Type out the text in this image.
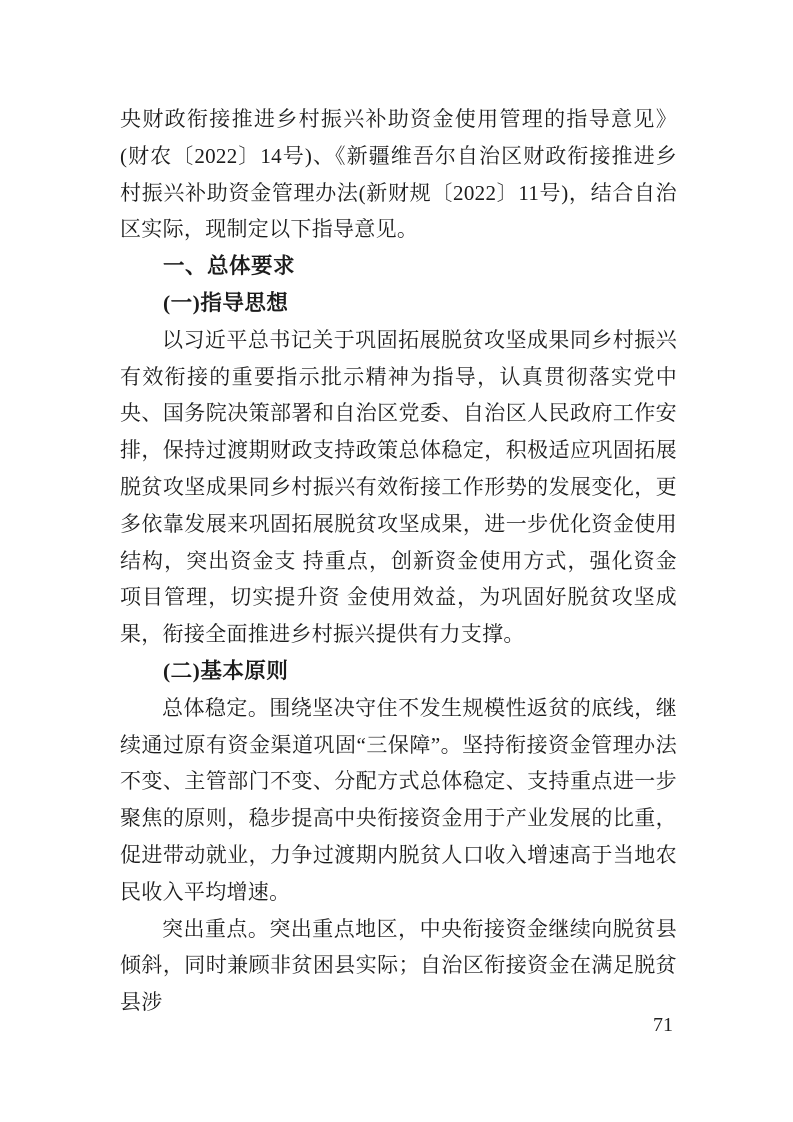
央财政衔接推进乡村振兴补助资金使用管理的指导意见》(财农〔2022〕14号)、《新疆维吾尔自治区财政衔接推进乡村振兴补助资金管理办法(新财规〔2022〕11号)，结合自治区实际，现制定以下指导意见。

一、总体要求
(一)指导思想

以习近平总书记关于巩固拓展脱贫攻坚成果同乡村振兴有效衔接的重要指示批示精神为指导，认真贯彻落实党中央、国务院决策部署和自治区党委、自治区人民政府工作安排，保持过渡期财政支持政策总体稳定，积极适应巩固拓展脱贫攻坚成果同乡村振兴有效衔接工作形势的发展变化，更多依靠发展来巩固拓展脱贫攻坚成果，进一步优化资金使用结构，突出资金支 持重点，创新资金使用方式，强化资金项目管理，切实提升资 金使用效益，为巩固好脱贫攻坚成果，衔接全面推进乡村振兴提供有力支撑。

(二)基本原则

总体稳定。围绕坚决守住不发生规模性返贫的底线，继续通过原有资金渠道巩固“三保障”。坚持衔接资金管理办法不变、主管部门不变、分配方式总体稳定、支持重点进一步聚焦的原则，稳步提高中央衔接资金用于产业发展的比重，促进带动就业，力争过渡期内脱贫人口收入增速高于当地农民收入平均增速。

突出重点。突出重点地区，中央衔接资金继续向脱贫县倾斜，同时兼顾非贫困县实际；自治区衔接资金在满足脱贫县涉

71
